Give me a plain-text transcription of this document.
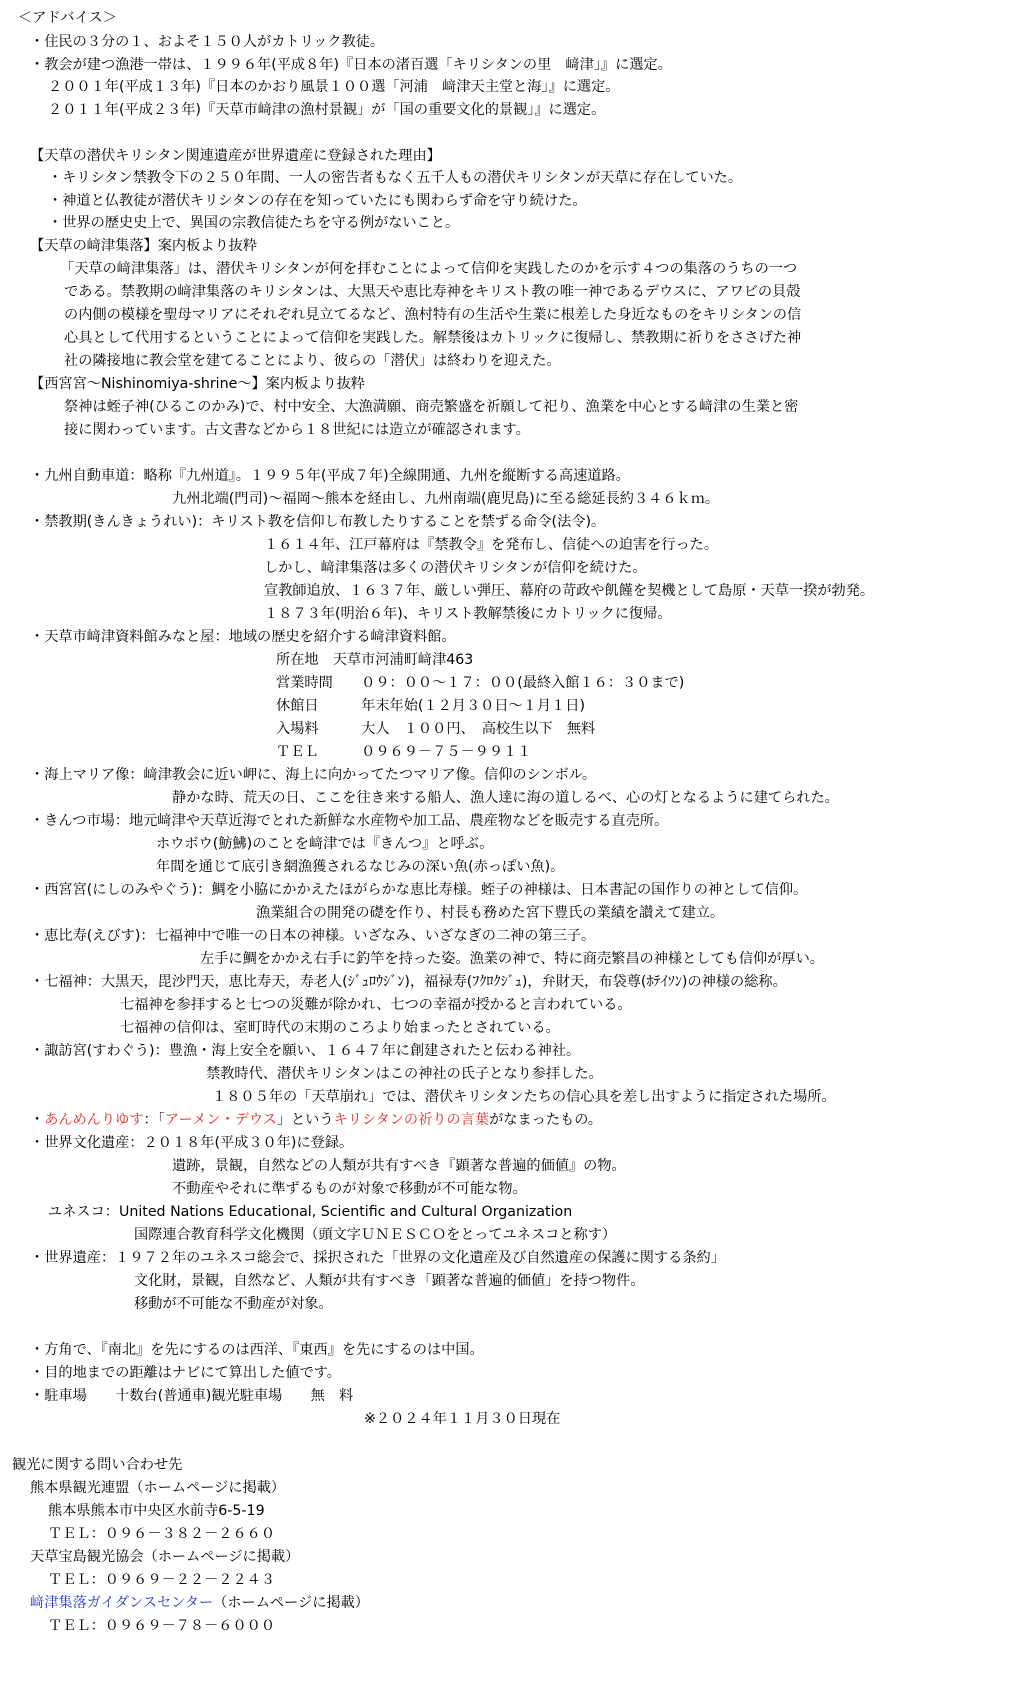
＜アドバイス＞
・住民の３分の１、およそ１５０人がカトリック教徒。
・教会が建つ漁港一帯は、１９９６年(平成８年)『日本の渚百選「キリシタンの里　﨑津」』に選定。
２００１年(平成１３年)『日本のかおり風景１００選「河浦　﨑津天主堂と海」』に選定。
２０１１年(平成２３年)『天草市﨑津の漁村景観」が「国の重要文化的景観」』に選定。
【天草の潜伏キリシタン関連遺産が世界遺産に登録された理由】
・キリシタン禁教令下の２５０年間、一人の密告者もなく五千人もの潜伏キリシタンが天草に存在していた。
・神道と仏教徒が潜伏キリシタンの存在を知っていたにも関わらず命を守り続けた。
・世界の歴史史上で、異国の宗教信徒たちを守る例がないこと。
【天草の﨑津集落】案内板より抜粋
「天草の﨑津集落」は、潜伏キリシタンが何を拝むことによって信仰を実践したのかを示す４つの集落のうちの一つ
である。禁教期の﨑津集落のキリシタンは、大黒天や恵比寿神をキリスト教の唯一神であるデウスに、アワビの貝殻
の内側の模様を聖母マリアにそれぞれ見立てるなど、漁村特有の生活や生業に根差した身近なものをキリシタンの信
心具として代用するということによって信仰を実践した。解禁後はカトリックに復帰し、禁教期に祈りをささげた神
社の隣接地に教会堂を建てることにより、彼らの「潜伏」は終わりを迎えた。
【西宮宮～Nishinomiya-shrine～】案内板より抜粋
祭神は蛭子神(ひるこのかみ)で、村中安全、大漁満願、商売繁盛を祈願して祀り、漁業を中心とする﨑津の生業と密
接に関わっています。古文書などから１８世紀には造立が確認されます。
・九州自動車道：略称『九州道』。１９９５年(平成７年)全線開通、九州を縦断する高速道路。
九州北端(門司)～福岡～熊本を経由し、九州南端(鹿児島)に至る総延長約３４６ｋｍ。
・禁教期(きんきょうれい)：キリスト教を信仰し布教したりすることを禁ずる命令(法令)。
１６１４年、江戸幕府は『禁教令』を発布し、信徒への迫害を行った。
しかし、﨑津集落は多くの潜伏キリシタンが信仰を続けた。
宣教師追放、１６３７年、厳しい弾圧、幕府の苛政や飢饉を契機として島原・天草一揆が勃発。
１８７３年(明治６年)、キリスト教解禁後にカトリックに復帰。
・天草市﨑津資料館みなと屋：地域の歴史を紹介する﨑津資料館。
所在地　天草市河浦町﨑津463
営業時間　　０９：００～１７：００(最終入館１６：３０まで)
休館日　　　年末年始(１２月３０日～１月１日)
入場料　　　大人　１００円、　高校生以下　無料
ＴＥＬ　　　０９６９－７５－９９１１
・海上マリア像：﨑津教会に近い岬に、海上に向かってたつマリア像。信仰のシンボル。
静かな時、荒天の日、ここを往き来する船人、漁人達に海の道しるべ、心の灯となるように建てられた。
・きんつ市場：地元﨑津や天草近海でとれた新鮮な水産物や加工品、農産物などを販売する直売所。
ホウボウ(魴鮄)のことを﨑津では『きんつ』と呼ぶ。
年間を通じて底引き網漁獲されるなじみの深い魚(赤っぽい魚)。
・西宮宮(にしのみやぐう)：鯛を小脇にかかえたほがらかな恵比寿様。蛭子の神様は、日本書記の国作りの神として信仰。
漁業組合の開発の礎を作り、村長も務めた宮下豊氏の業績を讃えて建立。
・恵比寿(えびす)：七福神中で唯一の日本の神様。いざなみ、いざなぎの二神の第三子。
左手に鯛をかかえ右手に釣竿を持った姿。漁業の神で、特に商売繁昌の神様としても信仰が厚い。
・七福神：大黒天，毘沙門天，恵比寿天，寿老人(ｼﾞｭﾛｳｼﾞﾝ)，福禄寿(ﾌｸﾛｸｼﾞｭ)，弁財天，布袋尊(ﾎﾃｲｿﾝ)の神様の総称。
七福神を参拝すると七つの災難が除かれ、七つの幸福が授かると言われている。
七福神の信仰は、室町時代の末期のころより始まったとされている。
・諏訪宮(すわぐう)：豊漁・海上安全を願い、１６４７年に創建されたと伝わる神社。
禁教時代、潜伏キリシタンはこの神社の氏子となり参拝した。
１８０５年の「天草崩れ」では、潜伏キリシタンたちの信心具を差し出すように指定された場所。
・あんめんりゆす：「アーメン・デウス」というキリシタンの祈りの言葉がなまったもの。
・世界文化遺産：２０１８年(平成３０年)に登録。
遺跡，景観，自然などの人類が共有すべき『顕著な普遍的価値』の物。
不動産やそれに準ずるものが対象で移動が不可能な物。
ユネスコ：United Nations Educational, Scientific and Cultural Organization
国際連合教育科学文化機関（頭文字ＵＮＥＳＣＯをとってユネスコと称す）
・世界遺産：１９７２年のユネスコ総会で、採択された「世界の文化遺産及び自然遺産の保護に関する条約」
文化財，景観，自然など、人類が共有すべき「顕著な普遍的価値」を持つ物件。
移動が不可能な不動産が対象。
・方角で、『南北』を先にするのは西洋、『東西』を先にするのは中国。
・目的地までの距離はナビにて算出した値です。
・駐車場　　十数台(普通車)観光駐車場　　無　料
※２０２４年１１月３０日現在
観光に関する問い合わせ先
熊本県観光連盟（ホームページに掲載）
熊本県熊本市中央区水前寺6-5-19
ＴＥＬ：０９６－３８２－２６６０
天草宝島観光協会（ホームページに掲載）
ＴＥＬ：０９６９－２２－２２４３
﨑津集落ガイダンスセンター（ホームページに掲載）
ＴＥＬ：０９６９－７８－６０００
